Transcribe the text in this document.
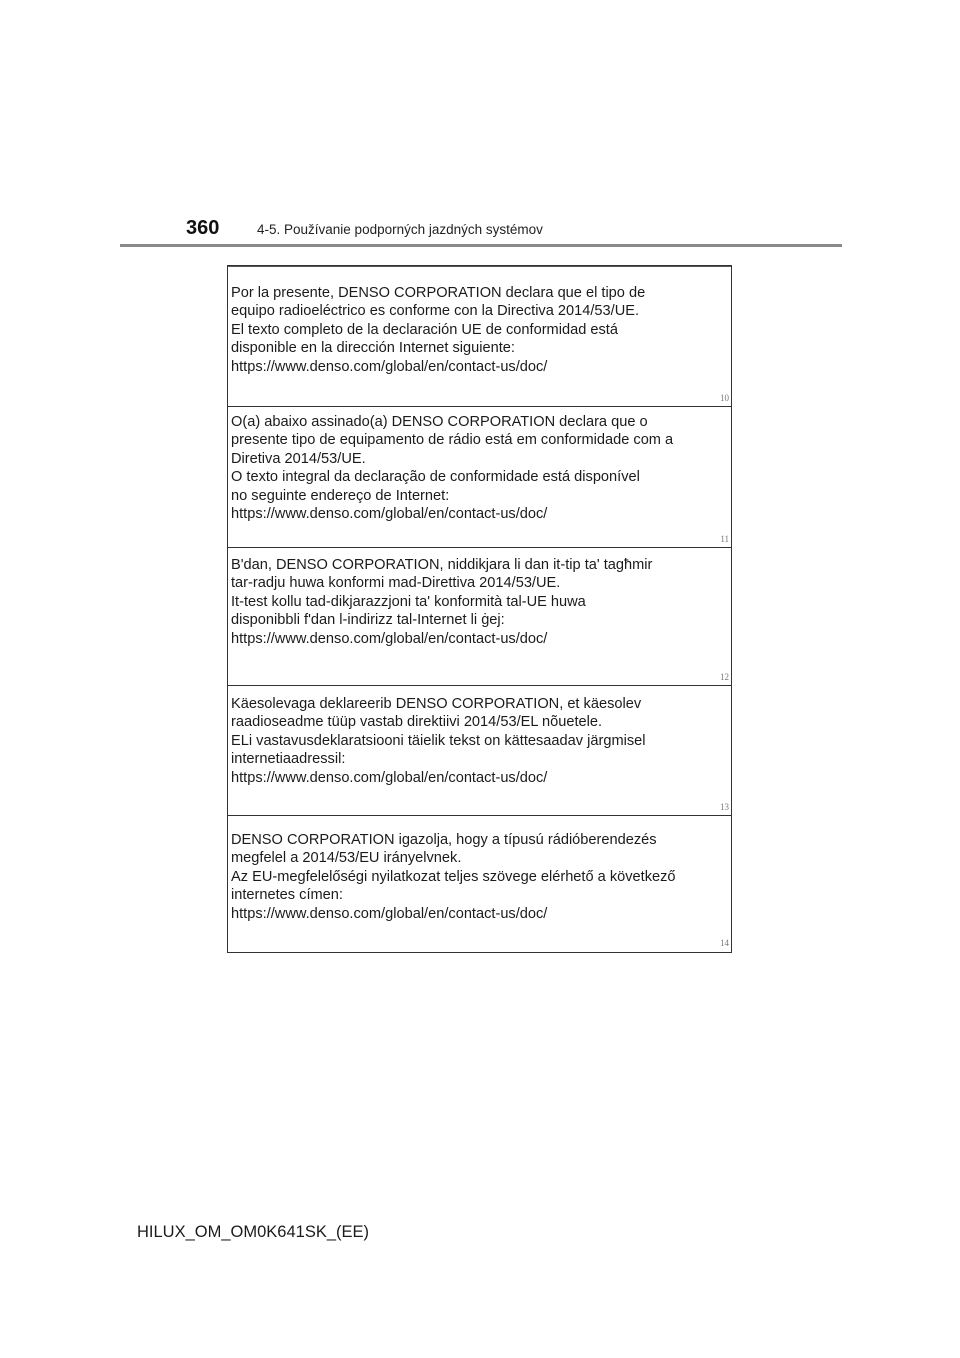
360	4-5. Používanie podporných jazdných systémov
Por la presente, DENSO CORPORATION declara que el tipo de
equipo radioeléctrico es conforme con la Directiva 2014/53/UE.
El texto completo de la declaración UE de conformidad está
disponible en la dirección Internet siguiente:
https://www.denso.com/global/en/contact-us/doc/
10
O(a) abaixo assinado(a) DENSO CORPORATION declara que o
presente tipo de equipamento de rádio está em conformidade com a
Diretiva 2014/53/UE.
O texto integral da declaração de conformidade está disponível
no seguinte endereço de Internet:
https://www.denso.com/global/en/contact-us/doc/
11
B'dan, DENSO CORPORATION, niddikjara li dan it-tip ta' tagħmir
tar-radju huwa konformi mad-Direttiva 2014/53/UE.
It-test kollu tad-dikjarazzjoni ta' konformità tal-UE huwa
disponibbli f'dan l-indirizz tal-Internet li ġej:
https://www.denso.com/global/en/contact-us/doc/
12
Käesolevaga deklareerib DENSO CORPORATION, et käesolev
raadioseadme tüüp vastab direktiivi 2014/53/EL nõuetele.
ELi vastavusdeklaratsiooni täielik tekst on kättesaadav järgmisel
internetiaadressil:
https://www.denso.com/global/en/contact-us/doc/
13
DENSO CORPORATION igazolja, hogy a típusú rádióberendezés
megfelel a 2014/53/EU irányelvnek.
Az EU-megfelelőségi nyilatkozat teljes szövege elérhető a következő
internetes címen:
https://www.denso.com/global/en/contact-us/doc/
14
HILUX_OM_OM0K641SK_(EE)
